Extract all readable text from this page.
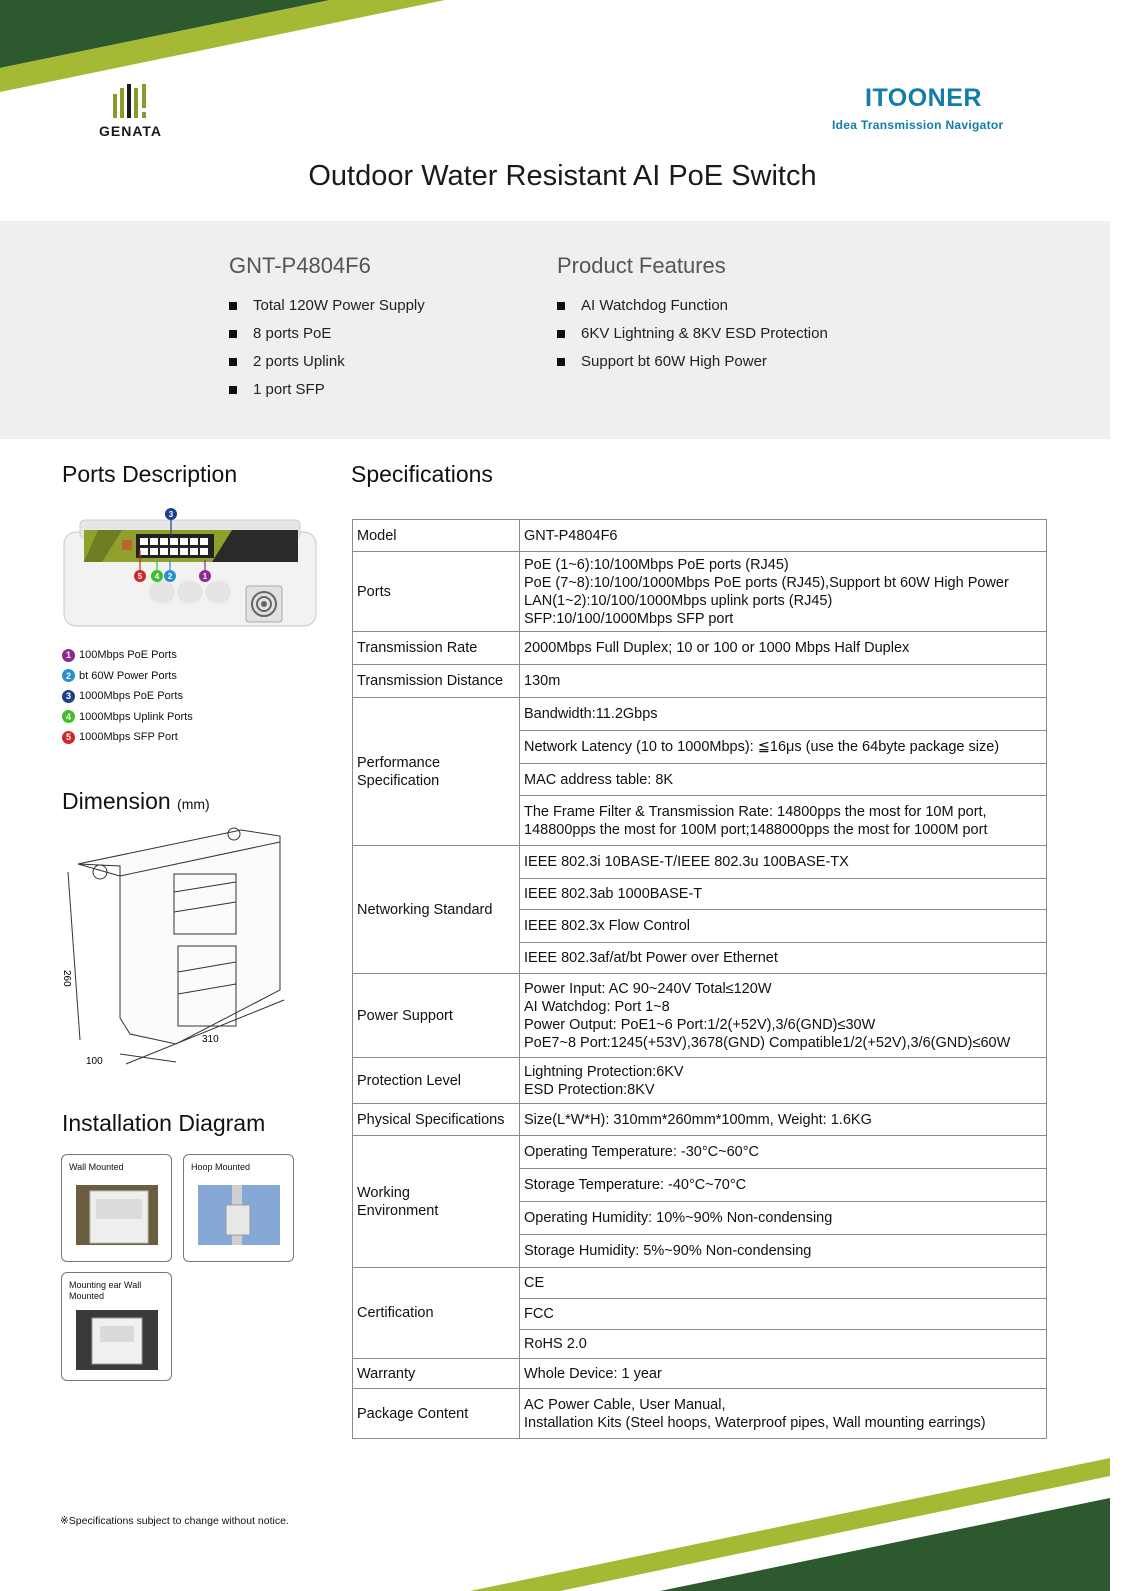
GENATA
ITOONER
Idea Transmission Navigator
Outdoor Water Resistant AI PoE Switch
GNT-P4804F6
Total 120W Power Supply
8 ports PoE
2 ports Uplink
1 port SFP
Product Features
AI Watchdog Function
6KV Lightning & 8KV ESD Protection
Support bt 60W High Power
Ports Description
3
1
2
4
5
1 100Mbps PoE Ports
2 bt 60W Power Ports
3 1000Mbps PoE Ports
4 1000Mbps Uplink Ports
5 1000Mbps SFP Port
Dimension (mm)
260
310
100
Installation Diagram
Wall Mounted	Hoop Mounted
Mounting ear Wall Mounted
Specifications
Model	GNT-P4804F6
Ports	PoE (1~6):10/100Mbps PoE ports (RJ45)
PoE (7~8):10/100/1000Mbps PoE ports (RJ45),Support bt 60W High Power
LAN(1~2):10/100/1000Mbps uplink ports (RJ45)
SFP:10/100/1000Mbps SFP port

Transmission Rate	2000Mbps Full Duplex; 10 or 100 or 1000 Mbps Half Duplex
Transmission Distance	130m

Performance
Specification	Bandwidth:11.2Gbps
	Network Latency (10 to 1000Mbps): ≦16μs (use the 64byte package size)
	MAC address table: 8K

	The Frame Filter & Transmission Rate: 14800pps the most for 10M port,
148800pps the most for 100M port;1488000pps the most for 1000M port

Networking Standard	IEEE 802.3i 10BASE-T/IEEE 802.3u 100BASE-TX
	IEEE 802.3ab 1000BASE-T
	IEEE 802.3x Flow Control
	IEEE 802.3af/at/bt Power over Ethernet
Power Support	Power Input: AC 90~240V Total≤120W
AI Watchdog: Port 1~8
Power Output: PoE1~6 Port:1/2(+52V),3/6(GND)≤30W
PoE7~8 Port:1245(+53V),3678(GND) Compatible1/2(+52V),3/6(GND)≤60W

Protection Level	Lightning Protection:6KV
ESD Protection:8KV

Physical Specifications	Size(L*W*H): 310mm*260mm*100mm, Weight: 1.6KG

Working
Environment	Operating Temperature: -30°C~60°C
	Storage Temperature: -40°C~70°C
	Operating Humidity: 10%~90% Non-condensing
	Storage Humidity: 5%~90% Non-condensing
Certification	CE
	FCC
	RoHS 2.0
Warranty	Whole Device: 1 year
Package Content	AC Power Cable, User Manual,
Installation Kits (Steel hoops, Waterproof pipes, Wall mounting earrings)
※Specifications subject to change without notice.
